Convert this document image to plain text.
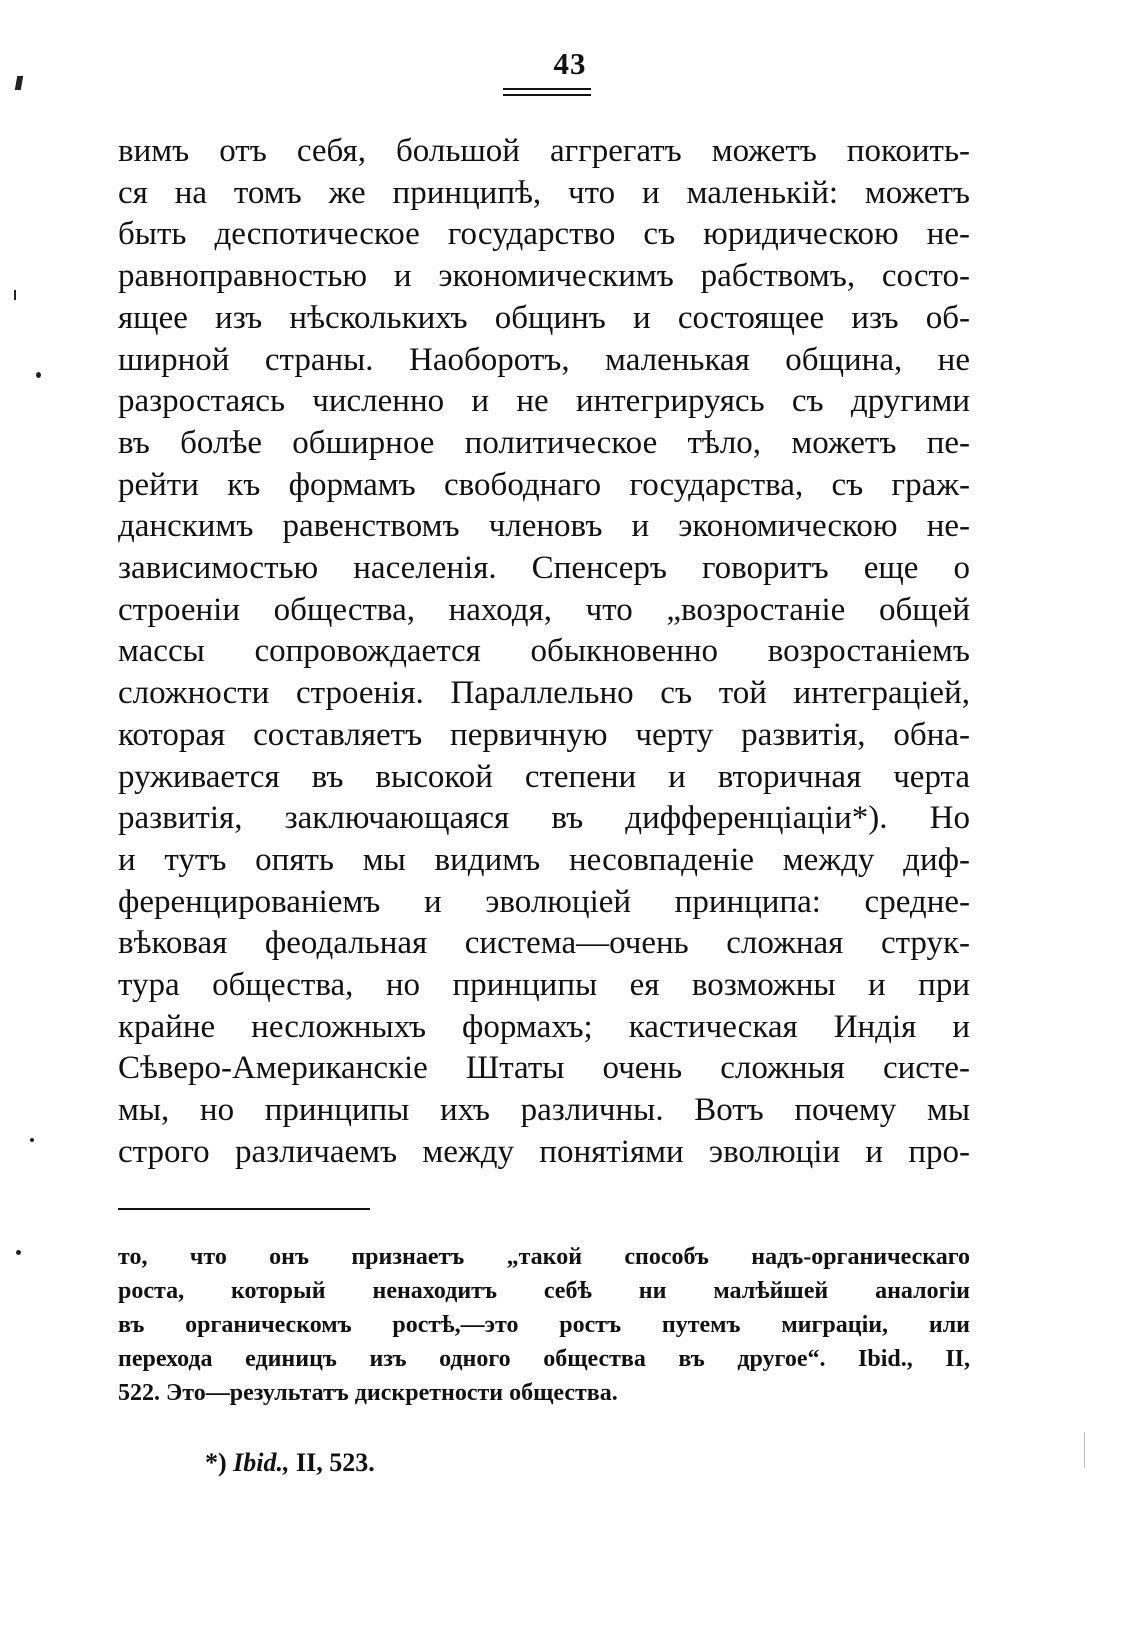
43
вимъ отъ себя, большой аггрегатъ можетъ покоить-
ся на томъ же принципѣ, что и маленькій: можетъ
быть деспотическое государство съ юридическою не-
равноправностью и экономическимъ рабствомъ, состо-
ящее изъ нѣсколькихъ общинъ и состоящее изъ об-
ширной страны. Наоборотъ, маленькая община, не
разростаясь численно и не интегрируясь съ другими
въ болѣе обширное политическое тѣло, можетъ пе-
рейти къ формамъ свободнаго государства, съ граж-
данскимъ равенствомъ членовъ и экономическою не-
зависимостью населенія. Спенсеръ говоритъ еще о
строеніи общества, находя, что „возростаніе общей
массы сопровождается обыкновенно возростаніемъ
сложности строенія. Параллельно съ той интеграціей,
которая составляетъ первичную черту развитія, обна-
руживается въ высокой степени и вторичная черта
развитія, заключающаяся въ дифференціаціи*). Но
и тутъ опять мы видимъ несовпаденіе между диф-
ференцированіемъ и эволюціей принципа: средне-
вѣковая феодальная система—очень сложная струк-
тура общества, но принципы ея возможны и при
крайне несложныхъ формахъ; кастическая Индія и
Сѣверо-Американскіе Штаты очень сложныя систе-
мы, но принципы ихъ различны. Вотъ почему мы
строго различаемъ между понятіями эволюціи и про-
то, что онъ признаетъ „такой способъ надъ-органическаго
роста, который ненаходитъ себѣ ни малѣйшей аналогіи
въ органическомъ ростѣ,—это ростъ путемъ миграціи, или
перехода единицъ изъ одного общества въ другое“. Ibid., II,
522. Это—результатъ дискретности общества.
*) Ibid., II, 523.
